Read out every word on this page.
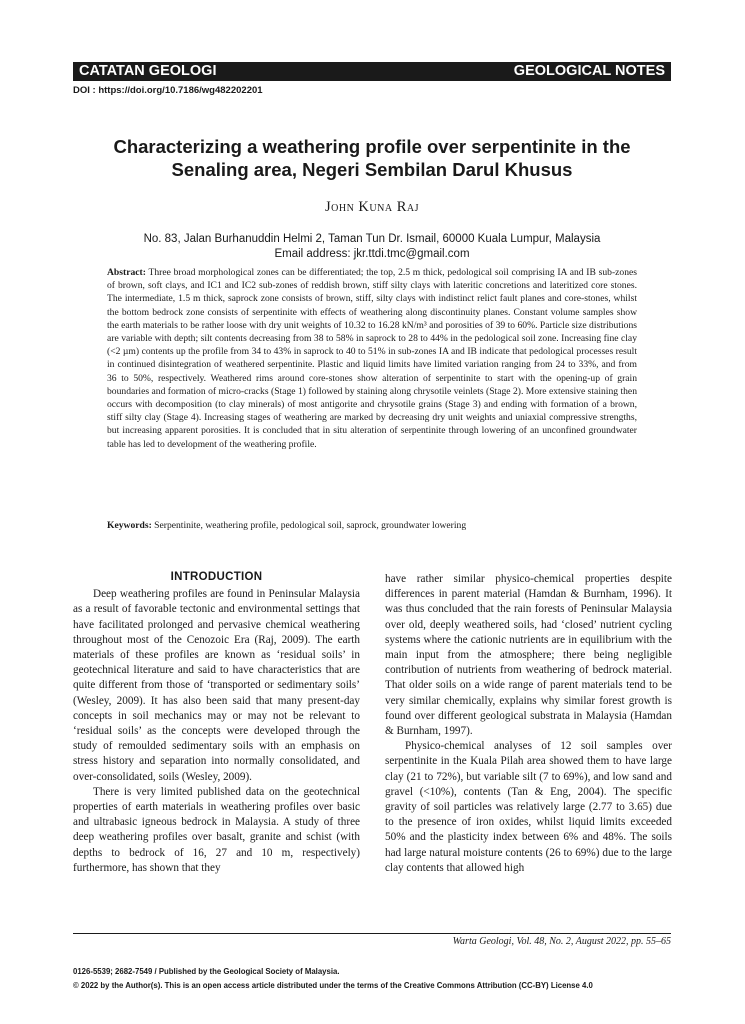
CATATAN GEOLOGI	GEOLOGICAL NOTES
DOI : https://doi.org/10.7186/wg482202201
Characterizing a weathering profile over serpentinite in the
Senaling area, Negeri Sembilan Darul Khusus
John Kuna Raj
No. 83, Jalan Burhanuddin Helmi 2, Taman Tun Dr. Ismail, 60000 Kuala Lumpur, Malaysia
Email address: jkr.ttdi.tmc@gmail.com
Abstract: Three broad morphological zones can be differentiated; the top, 2.5 m thick, pedological soil comprising IA and IB sub-zones of brown, soft clays, and IC1 and IC2 sub-zones of reddish brown, stiff silty clays with lateritic concretions and lateritized core stones. The intermediate, 1.5 m thick, saprock zone consists of brown, stiff, silty clays with indistinct relict fault planes and core-stones, whilst the bottom bedrock zone consists of serpentinite with effects of weathering along discontinuity planes. Constant volume samples show the earth materials to be rather loose with dry unit weights of 10.32 to 16.28 kN/m³ and porosities of 39 to 60%. Particle size distributions are variable with depth; silt contents decreasing from 38 to 58% in saprock to 28 to 44% in the pedological soil zone. Increasing fine clay (<2 µm) contents up the profile from 34 to 43% in saprock to 40 to 51% in sub-zones IA and IB indicate that pedological processes result in continued disintegration of weathered serpentinite. Plastic and liquid limits have limited variation ranging from 24 to 33%, and from 36 to 50%, respectively. Weathered rims around core-stones show alteration of serpentinite to start with the opening-up of grain boundaries and formation of micro-cracks (Stage 1) followed by staining along chrysotile veinlets (Stage 2). More extensive staining then occurs with decomposition (to clay minerals) of most antigorite and chrysotile grains (Stage 3) and ending with formation of a brown, stiff silty clay (Stage 4). Increasing stages of weathering are marked by decreasing dry unit weights and uniaxial compressive strengths, but increasing apparent porosities. It is concluded that in situ alteration of serpentinite through lowering of an unconfined groundwater table has led to development of the weathering profile.
Keywords: Serpentinite, weathering profile, pedological soil, saprock, groundwater lowering
INTRODUCTION

Deep weathering profiles are found in Peninsular Malaysia as a result of favorable tectonic and environmental settings that have facilitated prolonged and pervasive chemical weathering throughout most of the Cenozoic Era (Raj, 2009). The earth materials of these profiles are known as ‘residual soils’ in geotechnical literature and said to have characteristics that are quite different from those of ‘transported or sedimentary soils’ (Wesley, 2009). It has also been said that many present-day concepts in soil mechanics may or may not be relevant to ‘residual soils’ as the concepts were developed through the study of remoulded sedimentary soils with an emphasis on stress history and separation into normally consolidated, and over-consolidated, soils (Wesley, 2009).

There is very limited published data on the geotechnical properties of earth materials in weathering profiles over basic and ultrabasic igneous bedrock in Malaysia. A study of three deep weathering profiles over basalt, granite and schist (with depths to bedrock of 16, 27 and 10 m, respectively) furthermore, has shown that they

have rather similar physico-chemical properties despite differences in parent material (Hamdan & Burnham, 1996). It was thus concluded that the rain forests of Peninsular Malaysia over old, deeply weathered soils, had ‘closed’ nutrient cycling systems where the cationic nutrients are in equilibrium with the main input from the atmosphere; there being negligible contribution of nutrients from weathering of bedrock material. That older soils on a wide range of parent materials tend to be very similar chemically, explains why similar forest growth is found over different geological substrata in Malaysia (Hamdan & Burnham, 1997).

Physico-chemical analyses of 12 soil samples over serpentinite in the Kuala Pilah area showed them to have large clay (21 to 72%), but variable silt (7 to 69%), and low sand and gravel (<10%), contents (Tan & Eng, 2004). The specific gravity of soil particles was relatively large (2.77 to 3.65) due to the presence of iron oxides, whilst liquid limits exceeded 50% and the plasticity index between 6% and 48%. The soils had large natural moisture contents (26 to 69%) due to the large clay contents that allowed high

Warta Geologi, Vol. 48, No. 2, August 2022, pp. 55–65
0126-5539; 2682-7549 / Published by the Geological Society of Malaysia.
© 2022 by the Author(s). This is an open access article distributed under the terms of the Creative Commons Attribution (CC-BY) License 4.0
